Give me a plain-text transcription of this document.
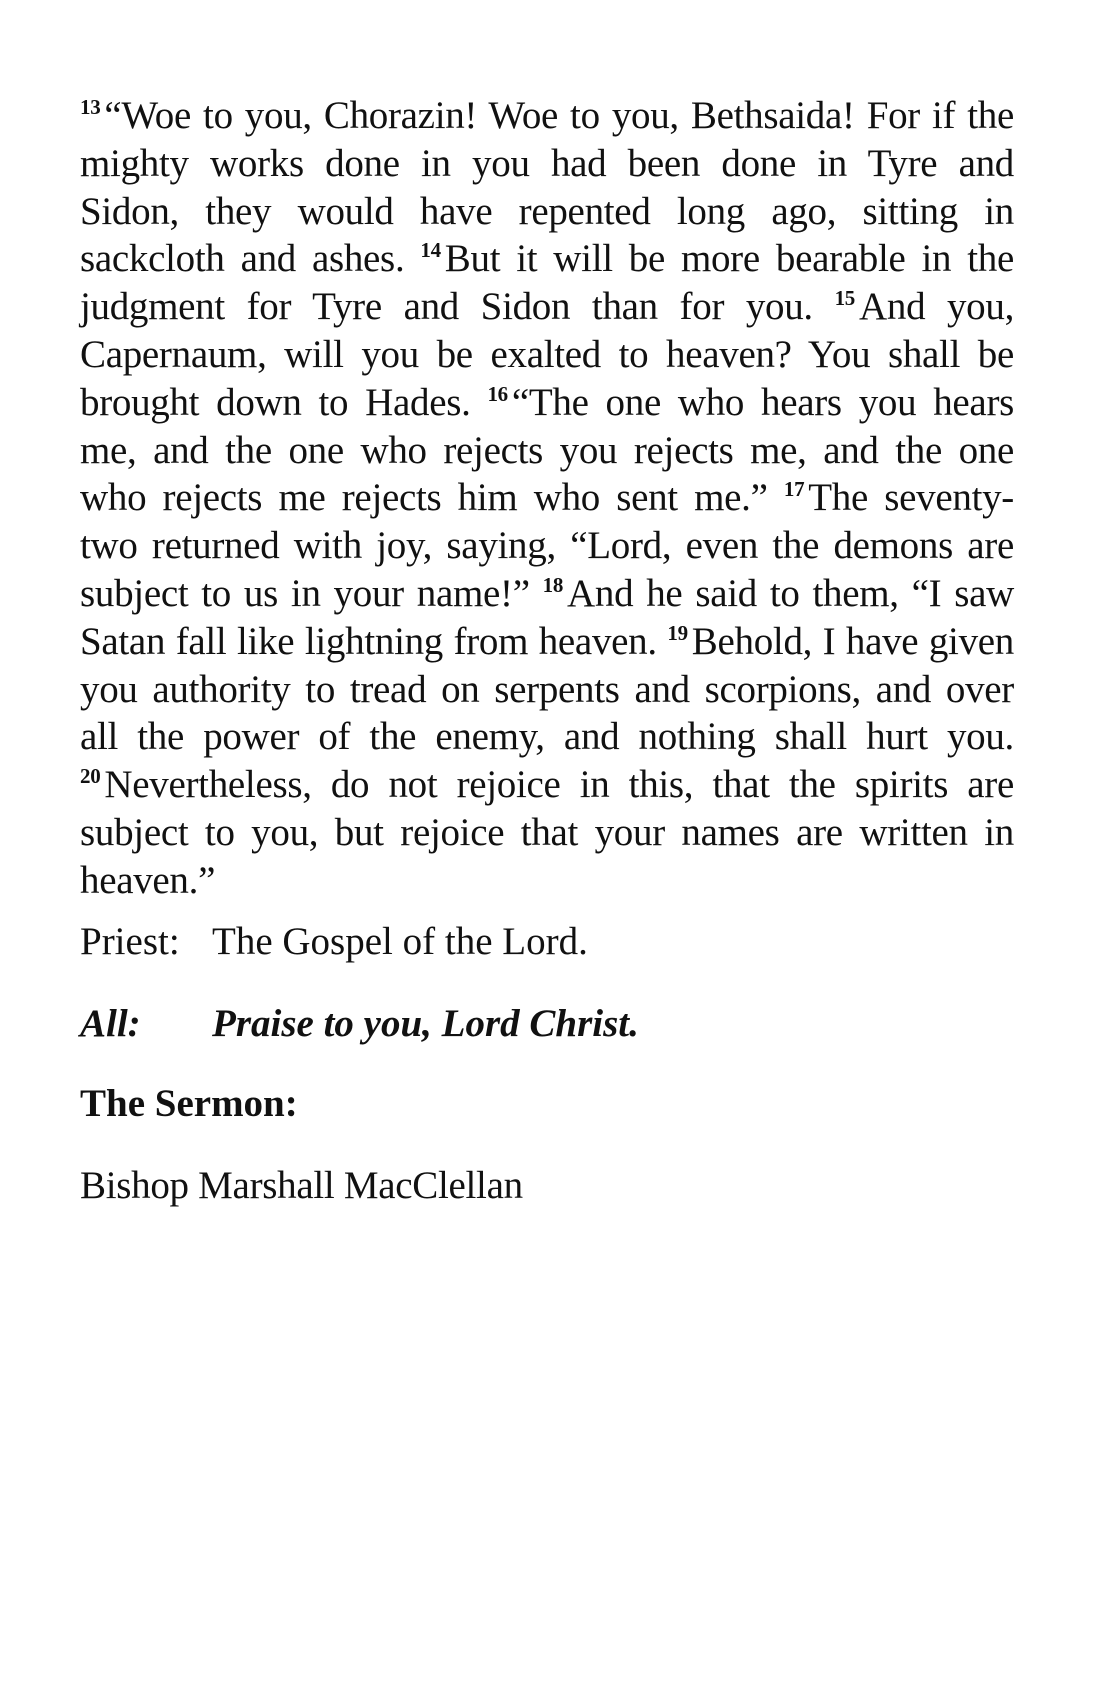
$^{13}$ “Woe to you, Chorazin! Woe to you, Bethsaida! For if the mighty works done in you had been done in Tyre and Sidon, they would have repented long ago, sitting in sackcloth and ashes. $^{14}$ But it will be more bearable in the judgment for Tyre and Sidon than for you. $^{15}$ And you, Capernaum, will you be exalted to heaven? You shall be brought down to Hades. $^{16}$ “The one who hears you hears me, and the one who rejects you rejects me, and the one who rejects me rejects him who sent me.” $^{17}$ The seventy-two returned with joy, saying, “Lord, even the demons are subject to us in your name!” $^{18}$ And he said to them, “I saw Satan fall like lightning from heaven. $^{19}$ Behold, I have given you authority to tread on serpents and scorpions, and over all the power of the enemy, and nothing shall hurt you. $^{20}$ Nevertheless, do not rejoice in this, that the spirits are subject to you, but rejoice that your names are written in heaven.”

Priest: The Gospel of the Lord.
All: Praise to you, Lord Christ.
The Sermon:
Bishop Marshall MacClellan
